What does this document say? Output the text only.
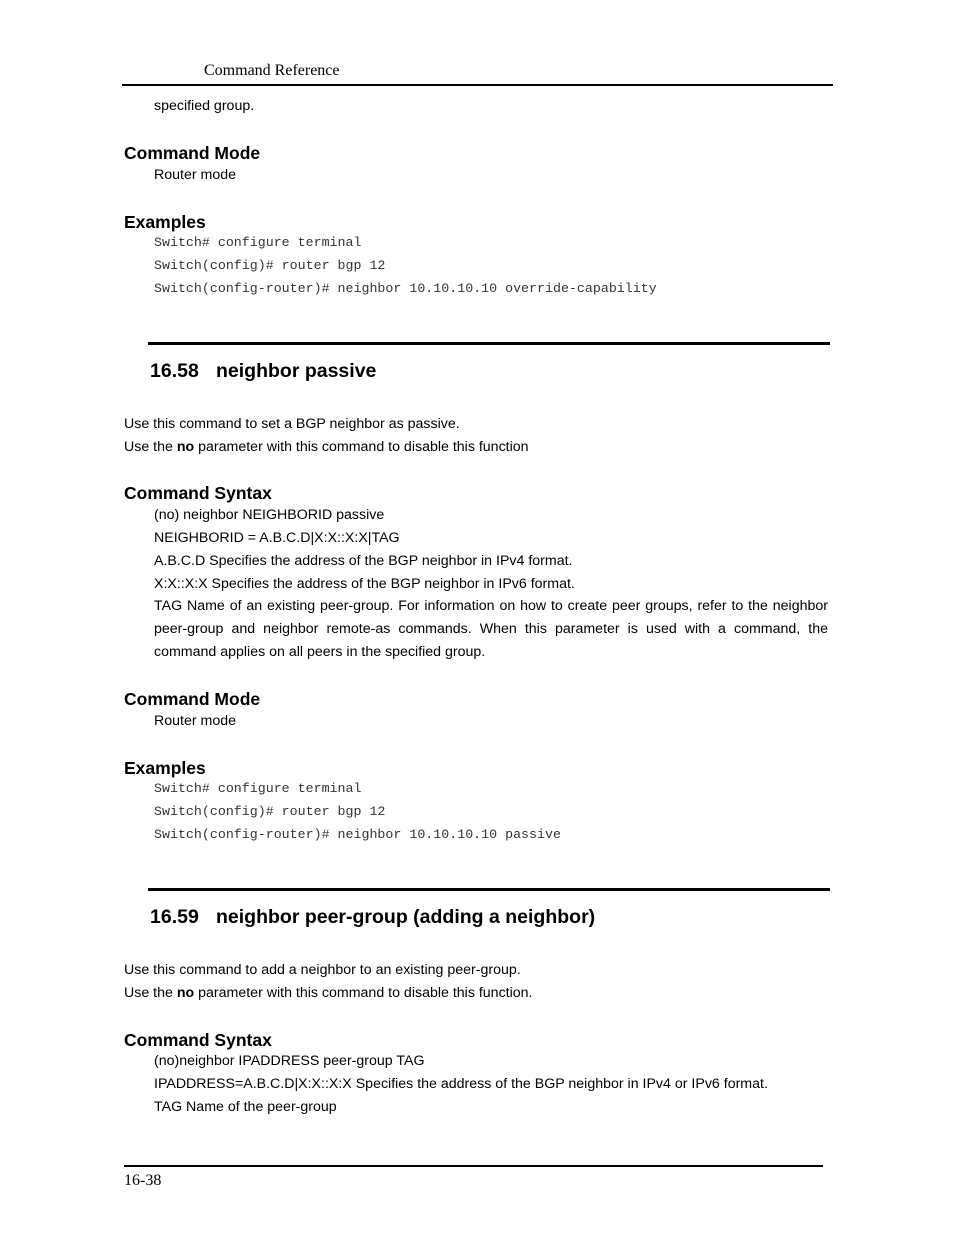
Command Reference
specified group.
Command Mode
Router mode
Examples
Switch# configure terminal
Switch(config)# router bgp 12
Switch(config-router)# neighbor 10.10.10.10 override-capability
16.58 neighbor passive
Use this command to set a BGP neighbor as passive.
Use the no parameter with this command to disable this function
Command Syntax
(no) neighbor NEIGHBORID passive
NEIGHBORID = A.B.C.D|X:X::X:X|TAG
A.B.C.D Specifies the address of the BGP neighbor in IPv4 format.
X:X::X:X Specifies the address of the BGP neighbor in IPv6 format.
TAG Name of an existing peer-group. For information on how to create peer groups, refer to the neighbor peer-group and neighbor remote-as commands. When this parameter is used with a command, the command applies on all peers in the specified group.
Command Mode
Router mode
Examples
Switch# configure terminal
Switch(config)# router bgp 12
Switch(config-router)# neighbor 10.10.10.10 passive
16.59 neighbor peer-group (adding a neighbor)
Use this command to add a neighbor to an existing peer-group.
Use the no parameter with this command to disable this function.
Command Syntax
(no)neighbor IPADDRESS peer-group TAG
IPADDRESS=A.B.C.D|X:X::X:X Specifies the address of the BGP neighbor in IPv4 or IPv6 format.
TAG Name of the peer-group
16-38
